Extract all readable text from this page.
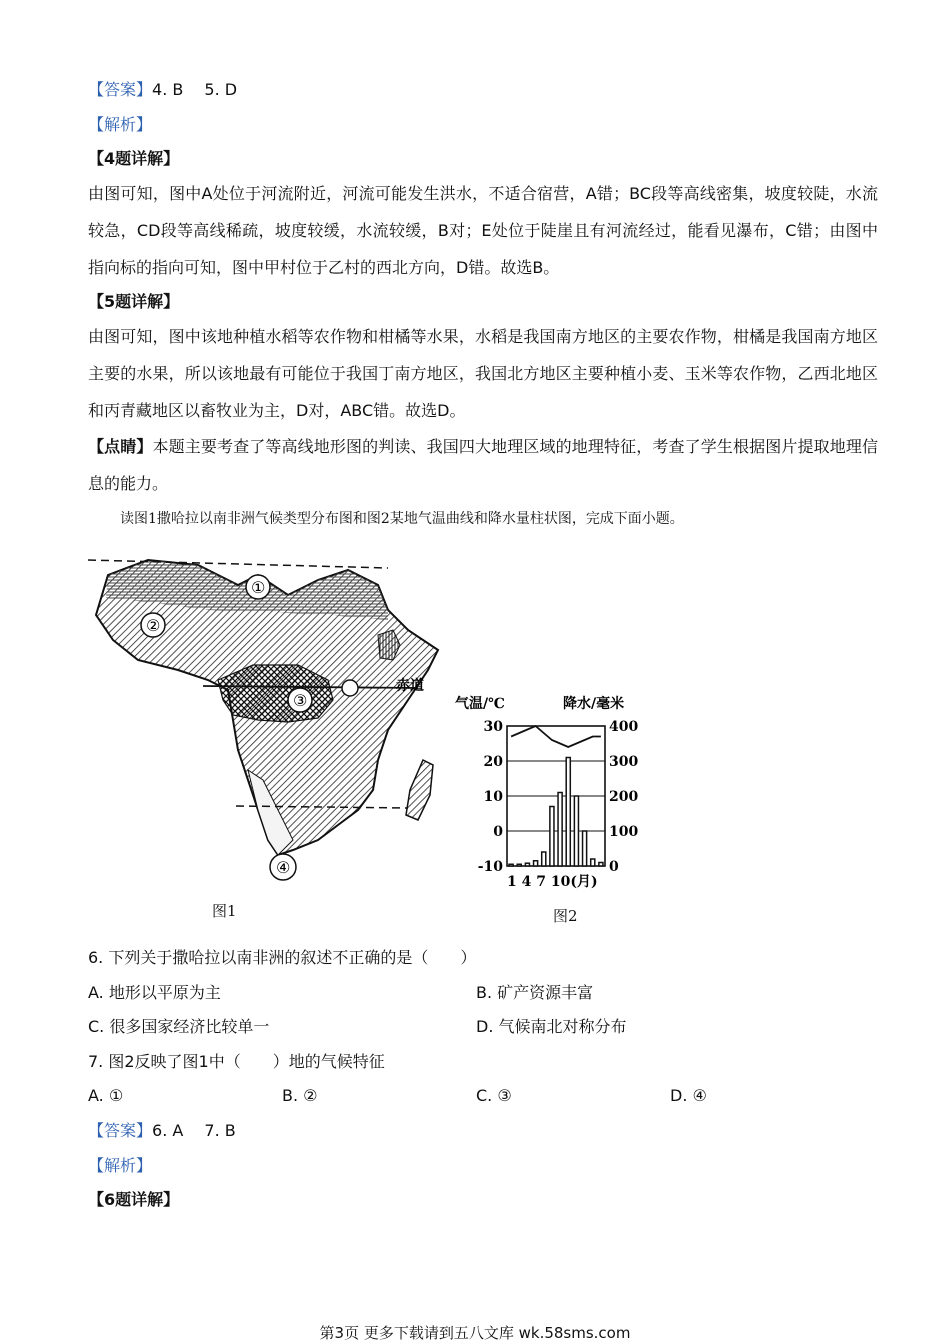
【答案】4. B　 5. D
【解析】
【4题详解】
由图可知，图中A处位于河流附近，河流可能发生洪水，不适合宿营，A错；BC段等高线密集，坡度较陡，水流较急，CD段等高线稀疏，坡度较缓，水流较缓，B对；E处位于陡崖且有河流经过，能看见瀑布，C错；由图中指向标的指向可知，图中甲村位于乙村的西北方向，D错。故选B。
【5题详解】
由图可知，图中该地种植水稻等农作物和柑橘等水果，水稻是我国南方地区的主要农作物，柑橘是我国南方地区主要的水果，所以该地最有可能位于我国丁南方地区，我国北方地区主要种植小麦、玉米等农作物，乙西北地区和丙青藏地区以畜牧业为主，D对，ABC错。故选D。
【点睛】本题主要考查了等高线地形图的判读、我国四大地理区域的地理特征，考查了学生根据图片提取地理信息的能力。
读图1撒哈拉以南非洲气候类型分布图和图2某地气温曲线和降水量柱状图，完成下面小题。
赤道
①
②
③
④
图1
气温/℃	降水/毫米
30
20
10
0
-10
400
300
200
100
0
1 4 7 10(月)
图2
6. 下列关于撒哈拉以南非洲的叙述不正确的是（　　）
A. 地形以平原为主	B. 矿产资源丰富
C. 很多国家经济比较单一	D. 气候南北对称分布
7. 图2反映了图1中（　　）地的气候特征
A. ①	B. ②	C. ③	D. ④
【答案】6. A　 7. B
【解析】
【6题详解】
第3页 更多下载请到五八文库 wk.58sms.com
